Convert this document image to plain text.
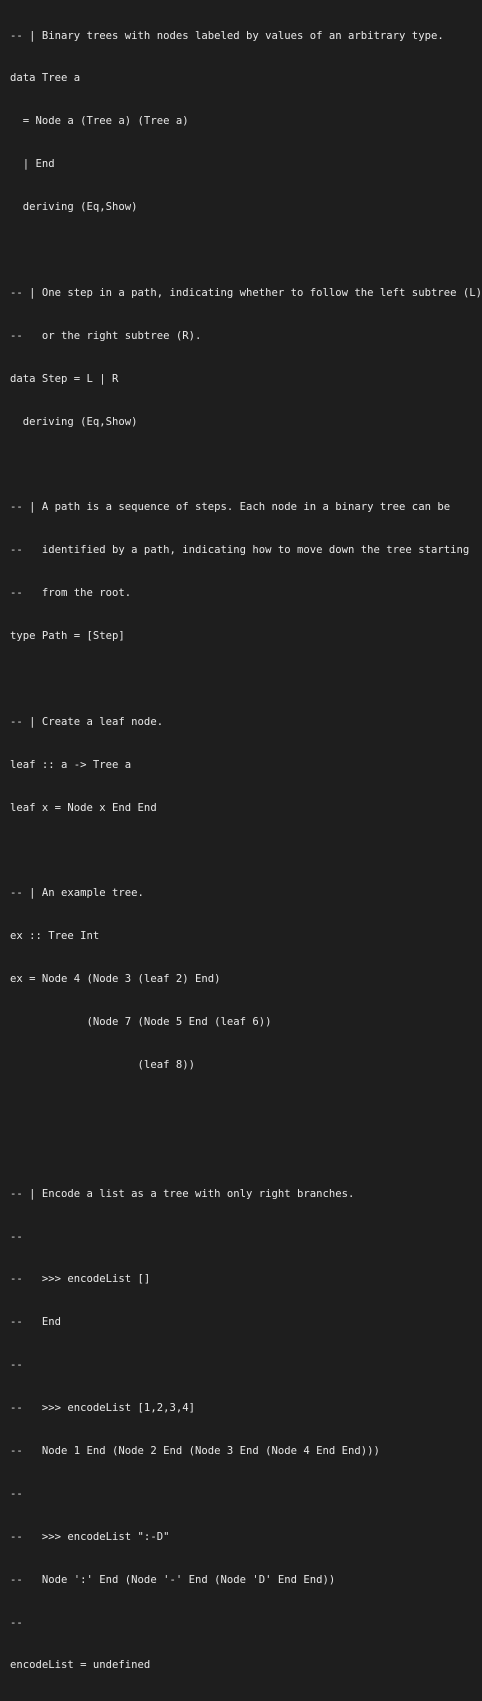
-- | Binary trees with nodes labeled by values of an arbitrary type.

data Tree a

= Node a (Tree a) (Tree a)

| End

deriving (Eq,Show)

-- | One step in a path, indicating whether to follow the left subtree (L)

--   or the right subtree (R).

data Step = L | R

deriving (Eq,Show)

-- | A path is a sequence of steps. Each node in a binary tree can be

--   identified by a path, indicating how to move down the tree starting

--   from the root.

type Path = [Step]

-- | Create a leaf node.

leaf :: a -> Tree a

leaf x = Node x End End

-- | An example tree.

ex :: Tree Int

ex = Node 4 (Node 3 (leaf 2) End)

(Node 7 (Node 5 End (leaf 6))

(leaf 8))

-- | Encode a list as a tree with only right branches.

--

--   >>> encodeList []

--   End

--

--   >>> encodeList [1,2,3,4]

--   Node 1 End (Node 2 End (Node 3 End (Node 4 End End)))

--

--   >>> encodeList ":-D"

--   Node ':' End (Node '-' End (Node 'D' End End))

--

encodeList = undefined
